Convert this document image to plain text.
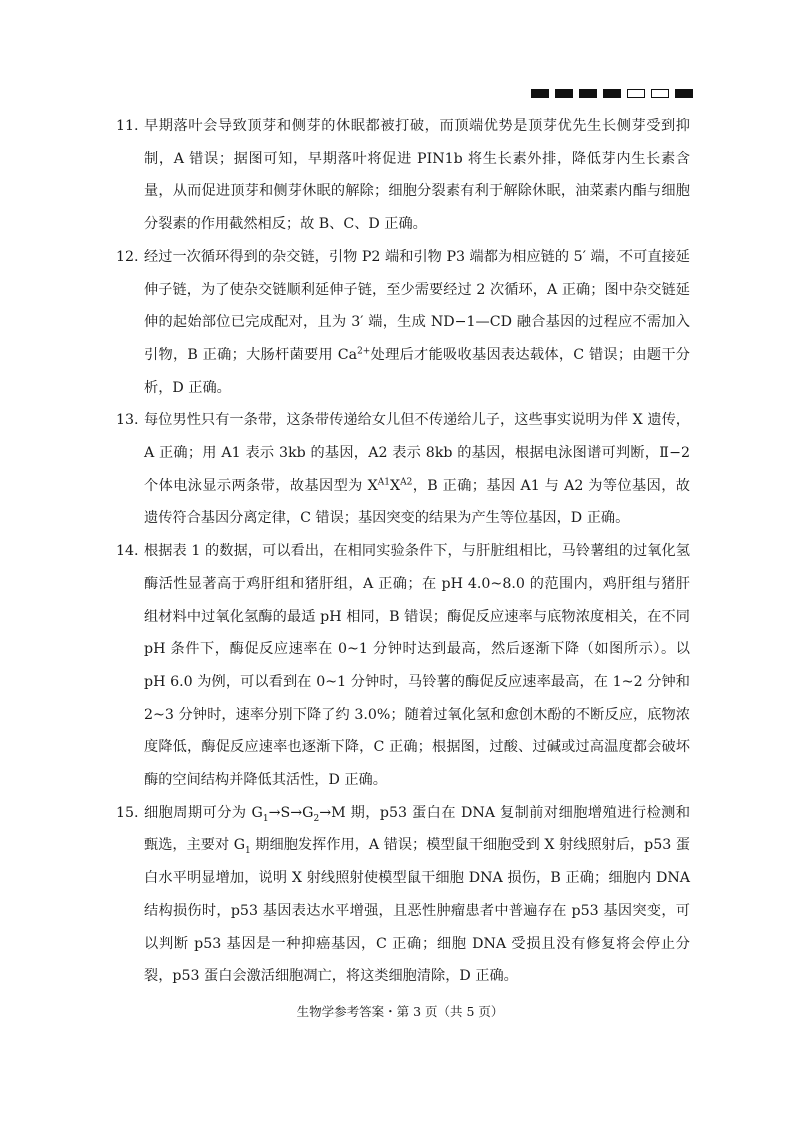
11. 早期落叶会导致顶芽和侧芽的休眠都被打破，而顶端优势是顶芽优先生长侧芽受到抑制，A 错误；据图可知，早期落叶将促进 PIN1b 将生长素外排，降低芽内生长素含量，从而促进顶芽和侧芽休眠的解除；细胞分裂素有利于解除休眠，油菜素内酯与细胞分裂素的作用截然相反；故 B、C、D 正确。
12. 经过一次循环得到的杂交链，引物 P2 端和引物 P3 端都为相应链的 5′ 端，不可直接延伸子链，为了使杂交链顺利延伸子链，至少需要经过 2 次循环，A 正确；图中杂交链延伸的起始部位已完成配对，且为 3′ 端，生成 ND−1—CD 融合基因的过程应不需加入引物，B 正确；大肠杆菌要用 $Ca^{2+}$处理后才能吸收基因表达载体，C 错误；由题干分析，D 正确。
13. 每位男性只有一条带，这条带传递给女儿但不传递给儿子，这些事实说明为伴 X 遗传，A 正确；用 A1 表示 3kb 的基因，A2 表示 8kb 的基因，根据电泳图谱可判断，Ⅱ−2 个体电泳显示两条带，故基因型为 $X^{A1}X^{A2}$，B 正确；基因 A1 与 A2 为等位基因，故遗传符合基因分离定律，C 错误；基因突变的结果为产生等位基因，D 正确。
14. 根据表 1 的数据，可以看出，在相同实验条件下，与肝脏组相比，马铃薯组的过氧化氢酶活性显著高于鸡肝组和猪肝组，A 正确；在 pH 4.0~8.0 的范围内，鸡肝组与猪肝组材料中过氧化氢酶的最适 pH 相同，B 错误；酶促反应速率与底物浓度相关，在不同 pH 条件下，酶促反应速率在 0~1 分钟时达到最高，然后逐渐下降（如图所示）。以 pH 6.0 为例，可以看到在 0~1 分钟时，马铃薯的酶促反应速率最高，在 1~2 分钟和 2~3 分钟时，速率分别下降了约 3.0%；随着过氧化氢和愈创木酚的不断反应，底物浓度降低，酶促反应速率也逐渐下降，C 正确；根据图，过酸、过碱或过高温度都会破坏酶的空间结构并降低其活性，D 正确。
15. 细胞周期可分为 $G_1\to S\to G_2\to M$ 期，p53 蛋白在 DNA 复制前对细胞增殖进行检测和甄选，主要对 $G_1$ 期细胞发挥作用，A 错误；模型鼠干细胞受到 X 射线照射后，p53 蛋白水平明显增加，说明 X 射线照射使模型鼠干细胞 DNA 损伤，B 正确；细胞内 DNA 结构损伤时，p53 基因表达水平增强，且恶性肿瘤患者中普遍存在 p53 基因突变，可以判断 p53 基因是一种抑癌基因，C 正确；细胞 DNA 受损且没有修复将会停止分裂，p53 蛋白会激活细胞凋亡，将这类细胞清除，D 正确。
生物学参考答案・第 3 页（共 5 页）
